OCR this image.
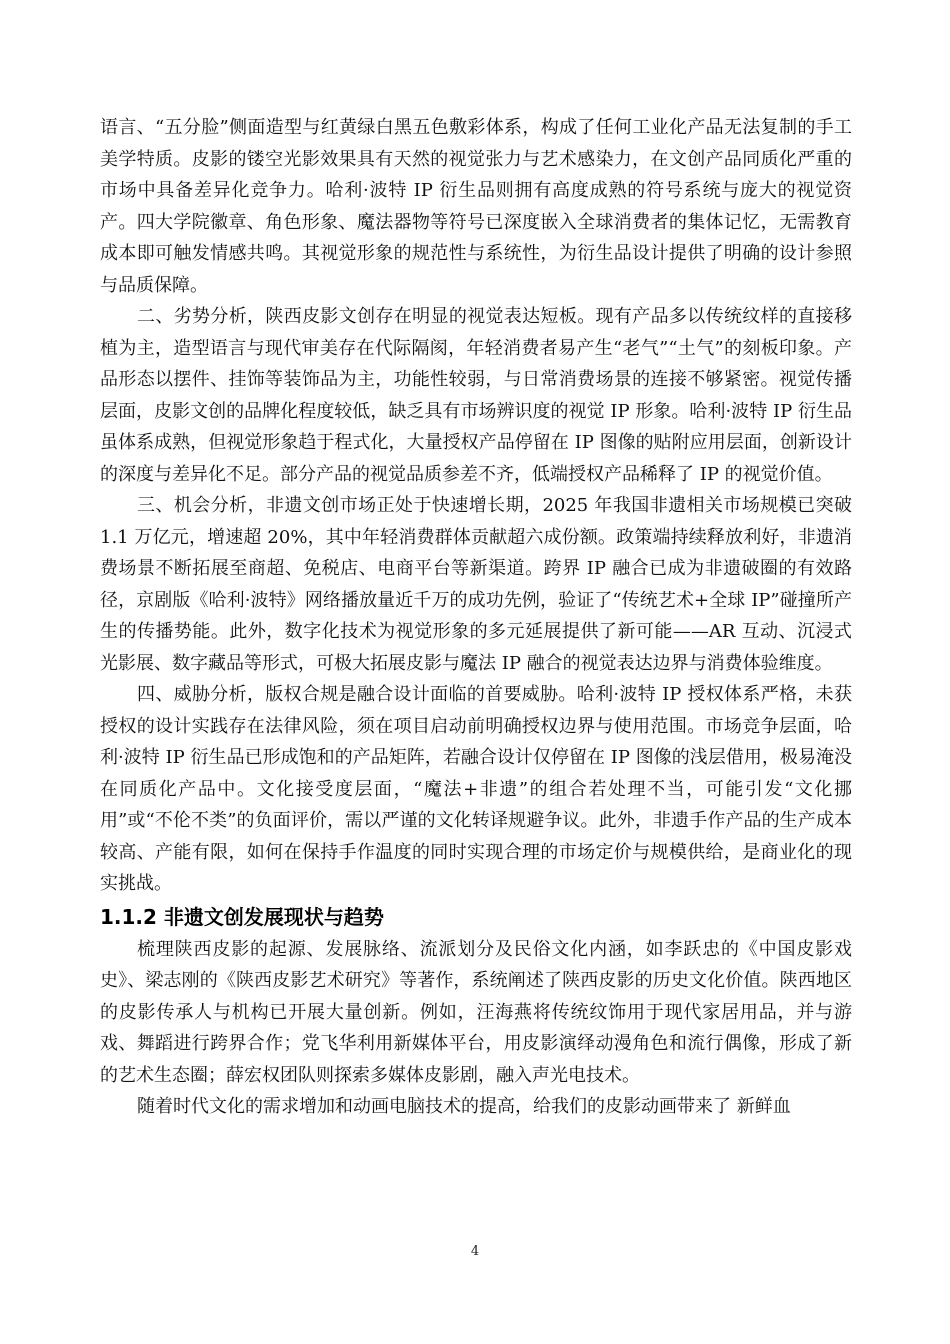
语言、“五分脸”侧面造型与红黄绿白黑五色敷彩体系，构成了任何工业化产品无法复制的手工美学特质。皮影的镂空光影效果具有天然的视觉张力与艺术感染力，在文创产品同质化严重的市场中具备差异化竞争力。哈利·波特 IP 衍生品则拥有高度成熟的符号系统与庞大的视觉资产。四大学院徽章、角色形象、魔法器物等符号已深度嵌入全球消费者的集体记忆，无需教育成本即可触发情感共鸣。其视觉形象的规范性与系统性，为衍生品设计提供了明确的设计参照与品质保障。

二、劣势分析，陕西皮影文创存在明显的视觉表达短板。现有产品多以传统纹样的直接移植为主，造型语言与现代审美存在代际隔阂，年轻消费者易产生“老气”“土气”的刻板印象。产品形态以摆件、挂饰等装饰品为主，功能性较弱，与日常消费场景的连接不够紧密。视觉传播层面，皮影文创的品牌化程度较低，缺乏具有市场辨识度的视觉 IP 形象。哈利·波特 IP 衍生品虽体系成熟，但视觉形象趋于程式化，大量授权产品停留在 IP 图像的贴附应用层面，创新设计的深度与差异化不足。部分产品的视觉品质参差不齐，低端授权产品稀释了 IP 的视觉价值。

三、机会分析，非遗文创市场正处于快速增长期，2025 年我国非遗相关市场规模已突破 1.1 万亿元，增速超 20%，其中年轻消费群体贡献超六成份额。政策端持续释放利好，非遗消费场景不断拓展至商超、免税店、电商平台等新渠道。跨界 IP 融合已成为非遗破圈的有效路径，京剧版《哈利·波特》网络播放量近千万的成功先例，验证了“传统艺术+全球 IP”碰撞所产生的传播势能。此外，数字化技术为视觉形象的多元延展提供了新可能——AR 互动、沉浸式光影展、数字藏品等形式，可极大拓展皮影与魔法 IP 融合的视觉表达边界与消费体验维度。

四、威胁分析，版权合规是融合设计面临的首要威胁。哈利·波特 IP 授权体系严格，未获授权的设计实践存在法律风险，须在项目启动前明确授权边界与使用范围。市场竞争层面，哈利·波特 IP 衍生品已形成饱和的产品矩阵，若融合设计仅停留在 IP 图像的浅层借用，极易淹没在同质化产品中。文化接受度层面，“魔法+非遗”的组合若处理不当，可能引发“文化挪用”或“不伦不类”的负面评价，需以严谨的文化转译规避争议。此外，非遗手作产品的生产成本较高、产能有限，如何在保持手作温度的同时实现合理的市场定价与规模供给，是商业化的现实挑战。

1.1.2 非遗文创发展现状与趋势

梳理陕西皮影的起源、发展脉络、流派划分及民俗文化内涵，如李跃忠的《中国皮影戏史》、梁志刚的《陕西皮影艺术研究》等著作，系统阐述了陕西皮影的历史文化价值。陕西地区的皮影传承人与机构已开展大量创新。例如，汪海燕将传统纹饰用于现代家居用品，并与游戏、舞蹈进行跨界合作；党飞华利用新媒体平台，用皮影演绎动漫角色和流行偶像，形成了新的艺术生态圈；薛宏权团队则探索多媒体皮影剧，融入声光电技术。

随着时代文化的需求增加和动画电脑技术的提高，给我们的皮影动画带来了 新鲜血

4
